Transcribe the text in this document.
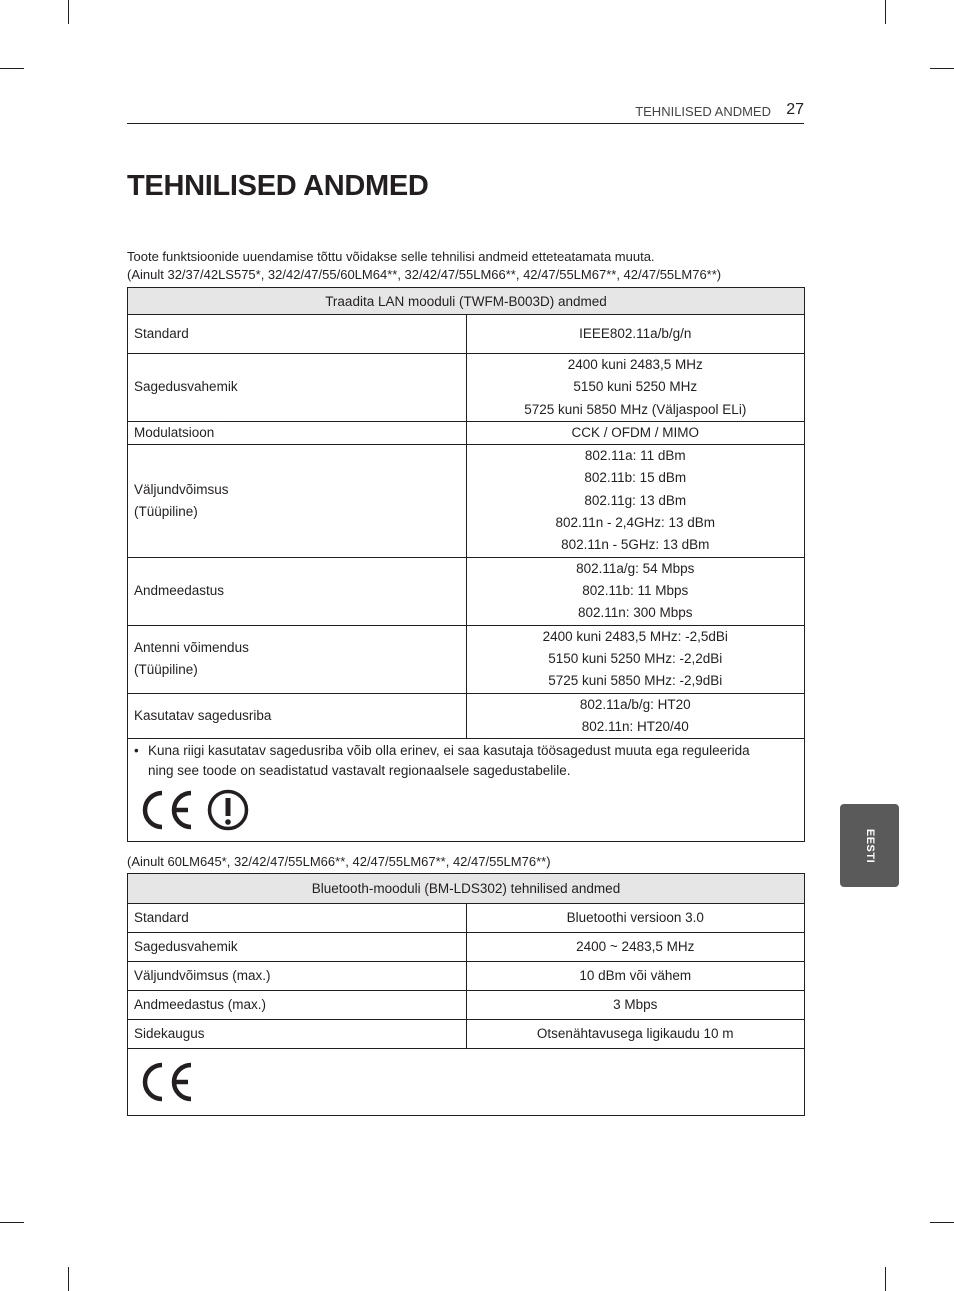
TEHNILISED ANDMED 27
TEHNILISED ANDMED

Toote funktsioonide uuendamise tõttu võidakse selle tehnilisi andmeid etteteatamata muuta.
(Ainult 32/37/42LS575*, 32/42/47/55/60LM64**, 32/42/47/55LM66**, 42/47/55LM67**, 42/47/55LM76**)

Traadita LAN mooduli (TWFM-B003D) andmed	
Standard	IEEE802.11a/b/g/n
Sagedusvahemik	2400 kuni 2483,5 MHz
5150 kuni 5250 MHz
5725 kuni 5850 MHz (Väljaspool ELi)
Modulatsioon	CCK / OFDM / MIMO
Väljundvõimsus
(Tüüpiline)	802.11a: 11 dBm
802.11b: 15 dBm
802.11g: 13 dBm
802.11n - 2,4GHz: 13 dBm
802.11n - 5GHz: 13 dBm
Andmeedastus	802.11a/g: 54 Mbps
802.11b: 11 Mbps
802.11n: 300 Mbps
Antenni võimendus
(Tüüpiline)	2400 kuni 2483,5 MHz: -2,5dBi
5150 kuni 5250 MHz: -2,2dBi
5725 kuni 5850 MHz: -2,9dBi
Kasutatav sagedusriba	802.11a/b/g: HT20
802.11n: HT20/40

• Kuna riigi kasutatav sagedusriba võib olla erinev, ei saa kasutaja töösagedust muuta ega reguleerida
ning see toode on seadistatud vastavalt regionaalsele sagedustabelile.	

(Ainult 60LM645*, 32/42/47/55LM66**, 42/47/55LM67**, 42/47/55LM76**)

Bluetooth-mooduli (BM-LDS302) tehnilised andmed	
Standard	Bluetoothi versioon 3.0
Sagedusvahemik	2400 ~ 2483,5 MHz
Väljundvõimsus (max.)	10 dBm või vähem
Andmeedastus (max.)	3 Mbps
Sidekaugus	Otsenähtavusega ligikaudu 10 m

EESTI
